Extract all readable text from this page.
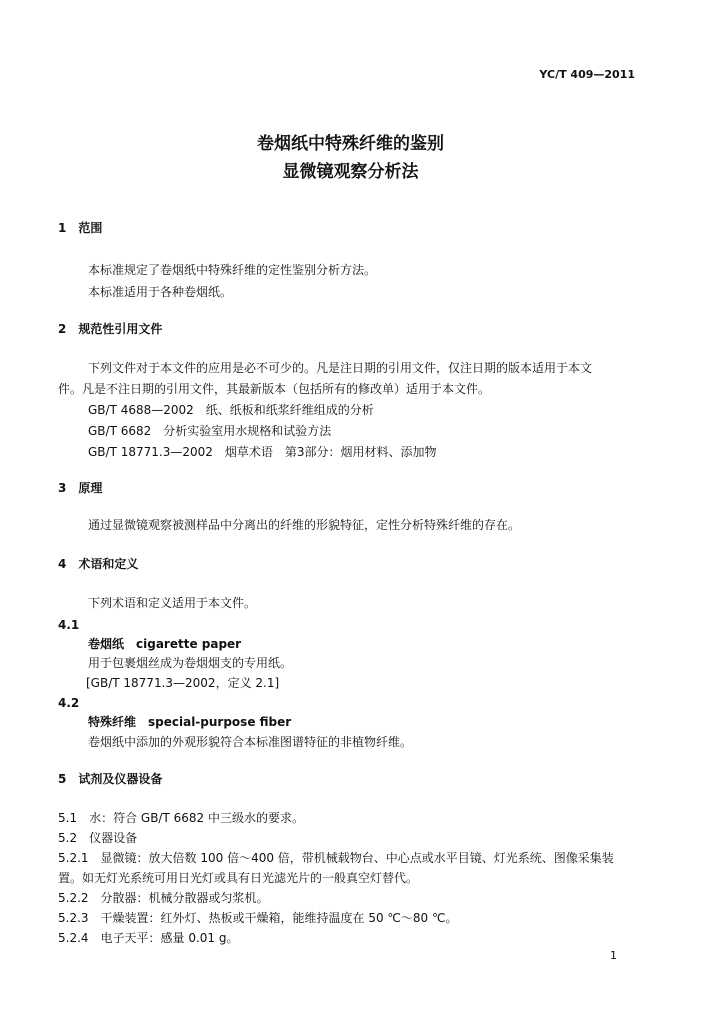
YC/T 409—2011
卷烟纸中特殊纤维的鉴别
显微镜观察分析法
1　范围
本标准规定了卷烟纸中特殊纤维的定性鉴别分析方法。
本标准适用于各种卷烟纸。
2　规范性引用文件
下列文件对于本文件的应用是必不可少的。凡是注日期的引用文件，仅注日期的版本适用于本文
件。凡是不注日期的引用文件，其最新版本（包括所有的修改单）适用于本文件。
GB/T 4688—2002　纸、纸板和纸浆纤维组成的分析
GB/T 6682　分析实验室用水规格和试验方法
GB/T 18771.3—2002　烟草术语　第3部分：烟用材料、添加物
3　原理
通过显微镜观察被测样品中分离出的纤维的形貌特征，定性分析特殊纤维的存在。
4　术语和定义
下列术语和定义适用于本文件。
4.1
卷烟纸　cigarette paper
用于包裹烟丝成为卷烟烟支的专用纸。
[GB/T 18771.3—2002，定义 2.1]
4.2
特殊纤维　special-purpose fiber
卷烟纸中添加的外观形貌符合本标准图谱特征的非植物纤维。
5　试剂及仪器设备
5.1　水：符合 GB/T 6682 中三级水的要求。
5.2　仪器设备
5.2.1　显微镜：放大倍数 100 倍～400 倍，带机械载物台、中心点或水平目镜、灯光系统、图像采集装
置。如无灯光系统可用日光灯或具有日光滤光片的一般真空灯替代。
5.2.2　分散器：机械分散器或匀浆机。
5.2.3　干燥装置：红外灯、热板或干燥箱，能维持温度在 50 ℃～80 ℃。
5.2.4　电子天平：感量 0.01 g。
1
